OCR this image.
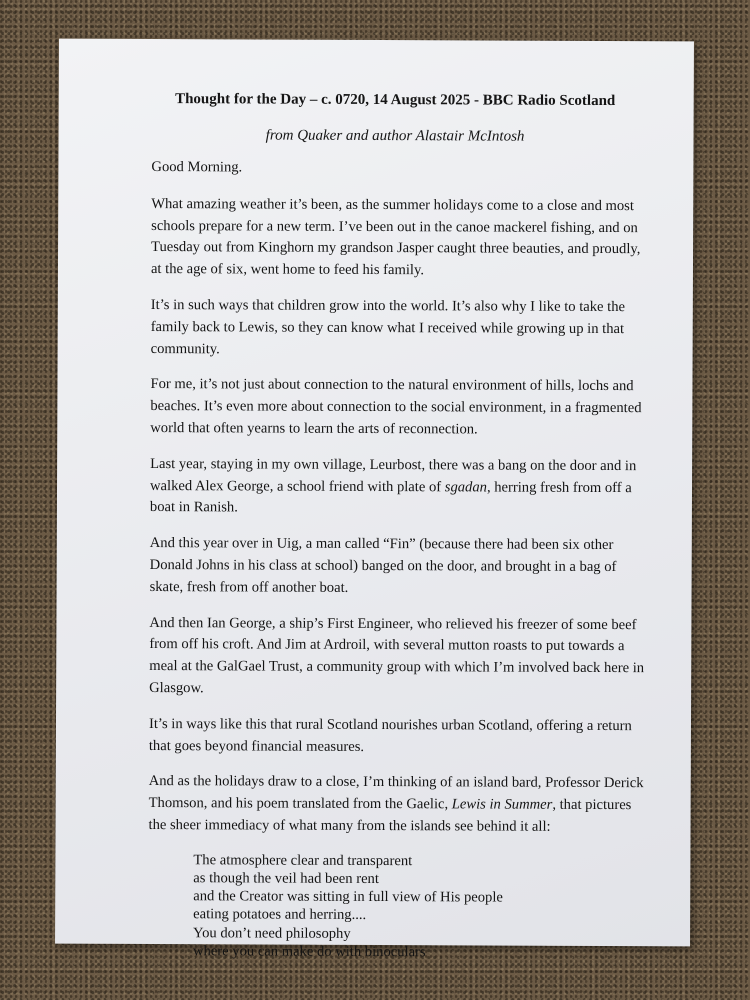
Thought for the Day – c. 0720, 14 August 2025 - BBC Radio Scotland
from Quaker and author Alastair McIntosh

Good Morning.

What amazing weather it’s been, as the summer holidays come to a close and most schools prepare for a new term. I’ve been out in the canoe mackerel fishing, and on Tuesday out from Kinghorn my grandson Jasper caught three beauties, and proudly, at the age of six, went home to feed his family.

It’s in such ways that children grow into the world. It’s also why I like to take the family back to Lewis, so they can know what I received while growing up in that community.

For me, it’s not just about connection to the natural environment of hills, lochs and beaches. It’s even more about connection to the social environment, in a fragmented world that often yearns to learn the arts of reconnection.

Last year, staying in my own village, Leurbost, there was a bang on the door and in walked Alex George, a school friend with plate of sgadan, herring fresh from off a boat in Ranish.

And this year over in Uig, a man called “Fin” (because there had been six other Donald Johns in his class at school) banged on the door, and brought in a bag of skate, fresh from off another boat.

And then Ian George, a ship’s First Engineer, who relieved his freezer of some beef from off his croft. And Jim at Ardroil, with several mutton roasts to put towards a meal at the GalGael Trust, a community group with which I’m involved back here in Glasgow.

It’s in ways like this that rural Scotland nourishes urban Scotland, offering a return that goes beyond financial measures.

And as the holidays draw to a close, I’m thinking of an island bard, Professor Derick Thomson, and his poem translated from the Gaelic, Lewis in Summer, that pictures the sheer immediacy of what many from the islands see behind it all:

The atmosphere clear and transparent
as though the veil had been rent
and the Creator was sitting in full view of His people
eating potatoes and herring....
You don’t need philosophy
where you can make do with binoculars
